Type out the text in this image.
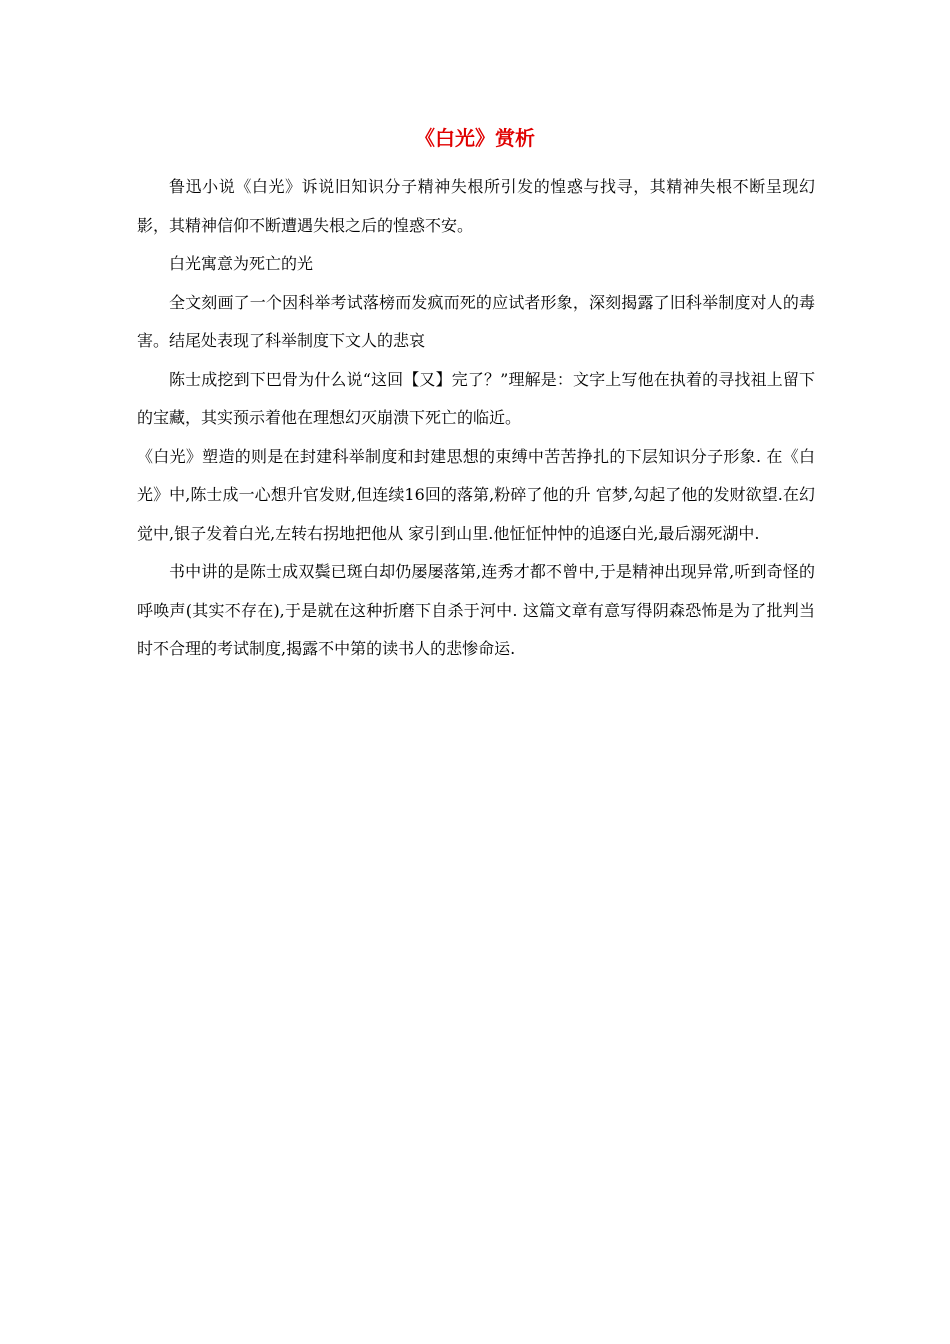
《白光》赏析

鲁迅小说《白光》诉说旧知识分子精神失根所引发的惶惑与找寻，其精神失根不断呈现幻影，其精神信仰不断遭遇失根之后的惶惑不安。

白光寓意为死亡的光

全文刻画了一个因科举考试落榜而发疯而死的应试者形象，深刻揭露了旧科举制度对人的毒害。结尾处表现了科举制度下文人的悲哀

陈士成挖到下巴骨为什么说“这回【又】完了？”理解是：文字上写他在执着的寻找祖上留下的宝藏，其实预示着他在理想幻灭崩溃下死亡的临近。

《白光》塑造的则是在封建科举制度和封建思想的束缚中苦苦挣扎的下层知识分子形象. 在《白光》中,陈士成一心想升官发财,但连续16回的落第,粉碎了他的升 官梦,勾起了他的发财欲望.在幻觉中,银子发着白光,左转右拐地把他从 家引到山里.他怔怔忡忡的追逐白光,最后溺死湖中.

书中讲的是陈士成双鬓已斑白却仍屡屡落第,连秀才都不曾中,于是精神出现异常,听到奇怪的呼唤声(其实不存在),于是就在这种折磨下自杀于河中. 这篇文章有意写得阴森恐怖是为了批判当时不合理的考试制度,揭露不中第的读书人的悲惨命运.
